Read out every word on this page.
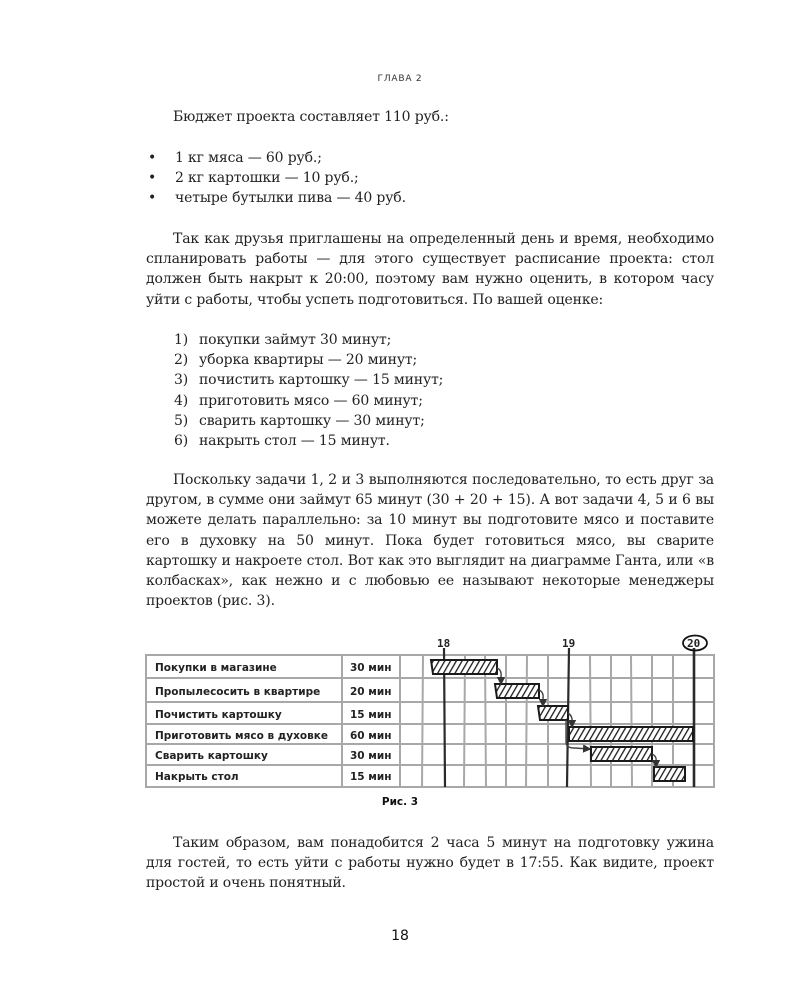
ГЛАВА 2

Бюджет проекта составляет 110 руб.:

• 1 кг мяса — 60 руб.;
• 2 кг картошки — 10 руб.;
• четыре бутылки пива — 40 руб.

Так как друзья приглашены на определенный день и время, необходимо спланировать работы — для этого существует расписание проекта: стол должен быть накрыт к 20:00, поэтому вам нужно оценить, в котором часу уйти с работы, чтобы успеть подготовиться. По вашей оценке:

1) покупки займут 30 минут;
2) уборка квартиры — 20 минут;
3) почистить картошку — 15 минут;
4) приготовить мясо — 60 минут;
5) сварить картошку — 30 минут;
6) накрыть стол — 15 минут.

Поскольку задачи 1, 2 и 3 выполняются последовательно, то есть друг за другом, в сумме они займут 65 минут (30 + 20 + 15). А вот задачи 4, 5 и 6 вы можете делать параллельно: за 10 минут вы подготовите мясо и поставите его в духовку на 50 минут. Пока будет готовиться мясо, вы сварите картошку и накроете стол. Вот как это выглядит на диаграмме Ганта, или «в колбасках», как нежно и с любовью ее называют некоторые менеджеры проектов (рис. 3).

18	19	20
Покупки в магазине
Пропылесосить в квартире
Почистить картошку
Приготовить мясо в духовке
Сварить картошку
Накрыть стол
30 мин
20 мин
15 мин
60 мин
30 мин
15 мин
Рис. 3

Таким образом, вам понадобится 2 часа 5 минут на подготовку ужина для гостей, то есть уйти с работы нужно будет в 17:55. Как видите, проект простой и очень понятный.

18
